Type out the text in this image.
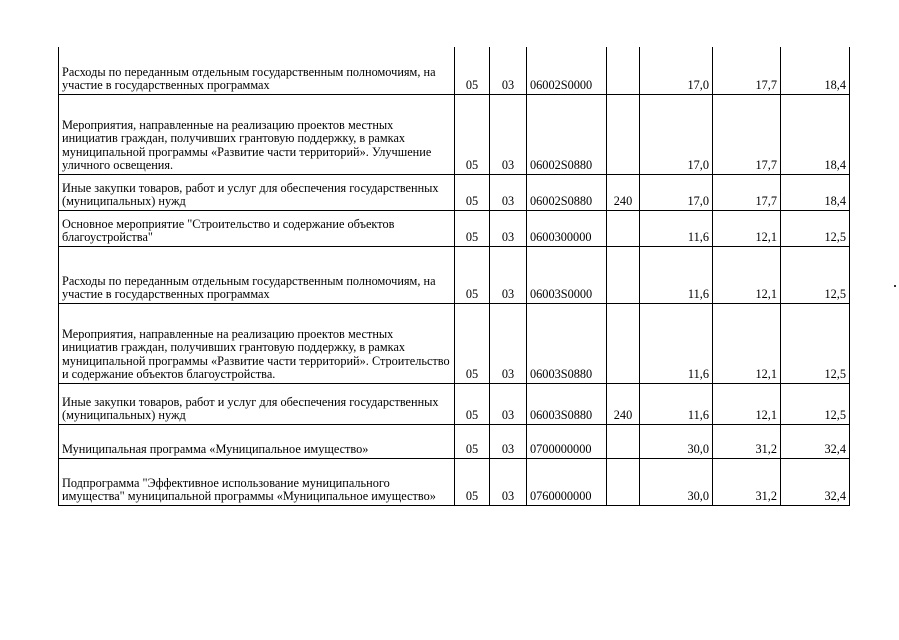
Расходы по переданным отдельным государственным полномочиям, на участие в государственных программах	05	03	06002S0000		17,0	17,7	18,4
Мероприятия, направленные на реализацию проектов местных инициатив граждан, получивших грантовую поддержку, в рамках муниципальной программы «Развитие части территорий». Улучшение уличного освещения.	05	03	06002S0880		17,0	17,7	18,4
Иные закупки товаров, работ и услуг для обеспечения государственных (муниципальных) нужд	05	03	06002S0880	240	17,0	17,7	18,4
Основное мероприятие "Строительство и содержание объектов благоустройства"	05	03	0600300000		11,6	12,1	12,5
Расходы по переданным отдельным государственным полномочиям, на участие в государственных программах	05	03	06003S0000		11,6	12,1	12,5
Мероприятия, направленные на реализацию проектов местных инициатив граждан, получивших грантовую поддержку, в рамках муниципальной программы «Развитие части территорий». Строительство и содержание объектов благоустройства.	05	03	06003S0880		11,6	12,1	12,5
Иные закупки товаров, работ и услуг для обеспечения государственных (муниципальных) нужд	05	03	06003S0880	240	11,6	12,1	12,5
Муниципальная программа «Муниципальное имущество»	05	03	0700000000		30,0	31,2	32,4
Подпрограмма "Эффективное использование муниципального имущества" муниципальной программы «Муниципальное имущество»	05	03	0760000000		30,0	31,2	32,4
